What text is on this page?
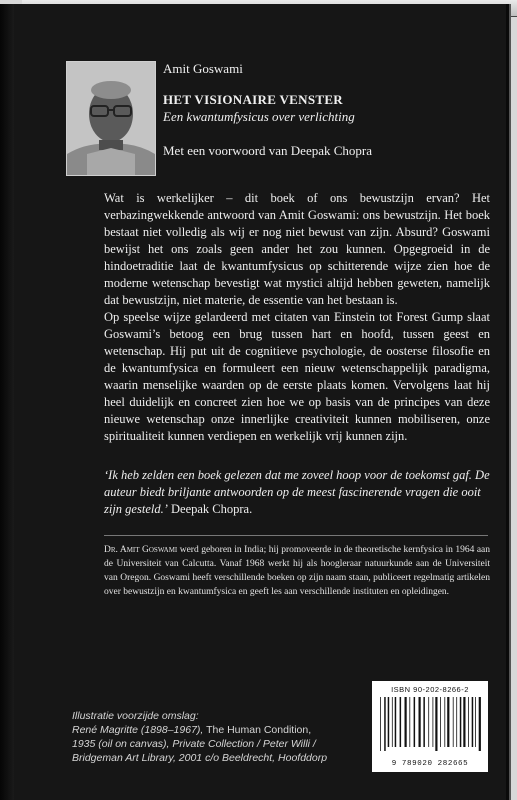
Amit Goswami

HET VISIONAIRE VENSTER

Een kwantumfysicus over verlichting

Met een voorwoord van Deepak Chopra

Wat is werkelijker – dit boek of ons bewustzijn ervan? Het verbazingwekkende antwoord van Amit Goswami: ons bewustzijn. Het boek bestaat niet volledig als wij er nog niet bewust van zijn. Absurd? Goswami bewijst het ons zoals geen ander het zou kunnen. Opgegroeid in de hindoetraditie laat de kwantumfysicus op schitterende wijze zien hoe de moderne wetenschap bevestigt wat mystici altijd hebben geweten, namelijk dat bewustzijn, niet materie, de essentie van het bestaan is.

Op speelse wijze gelardeerd met citaten van Einstein tot Forest Gump slaat Goswami’s betoog een brug tussen hart en hoofd, tussen geest en wetenschap. Hij put uit de cognitieve psychologie, de oosterse filosofie en de kwantumfysica en formuleert een nieuw wetenschappelijk paradigma, waarin menselijke waarden op de eerste plaats komen. Vervolgens laat hij heel duidelijk en concreet zien hoe we op basis van de principes van deze nieuwe wetenschap onze innerlijke creativiteit kunnen mobiliseren, onze spiritualiteit kunnen verdiepen en werkelijk vrij kunnen zijn.

‘Ik heb zelden een boek gelezen dat me zoveel hoop voor de toekomst gaf. De auteur biedt briljante antwoorden op de meest fascinerende vragen die ooit zijn gesteld.’ Deepak Chopra.
Dr. Amit Goswami werd geboren in India; hij promoveerde in de theoretische kernfysica in 1964 aan de Universiteit van Calcutta. Vanaf 1968 werkt hij als hoogleraar natuurkunde aan de Universiteit van Oregon. Goswami heeft verschillende boeken op zijn naam staan, publiceert regelmatig artikelen over bewustzijn en kwantumfysica en geeft les aan verschillende instituten en opleidingen.
Illustratie voorzijde omslag:
René Magritte (1898–1967), The Human Condition,
1935 (oil on canvas), Private Collection / Peter Willi / Bridgeman Art Library, 2001 c/o Beeldrecht, Hoofddorp
ISBN 90-202-8266-2
9 789020 282665
